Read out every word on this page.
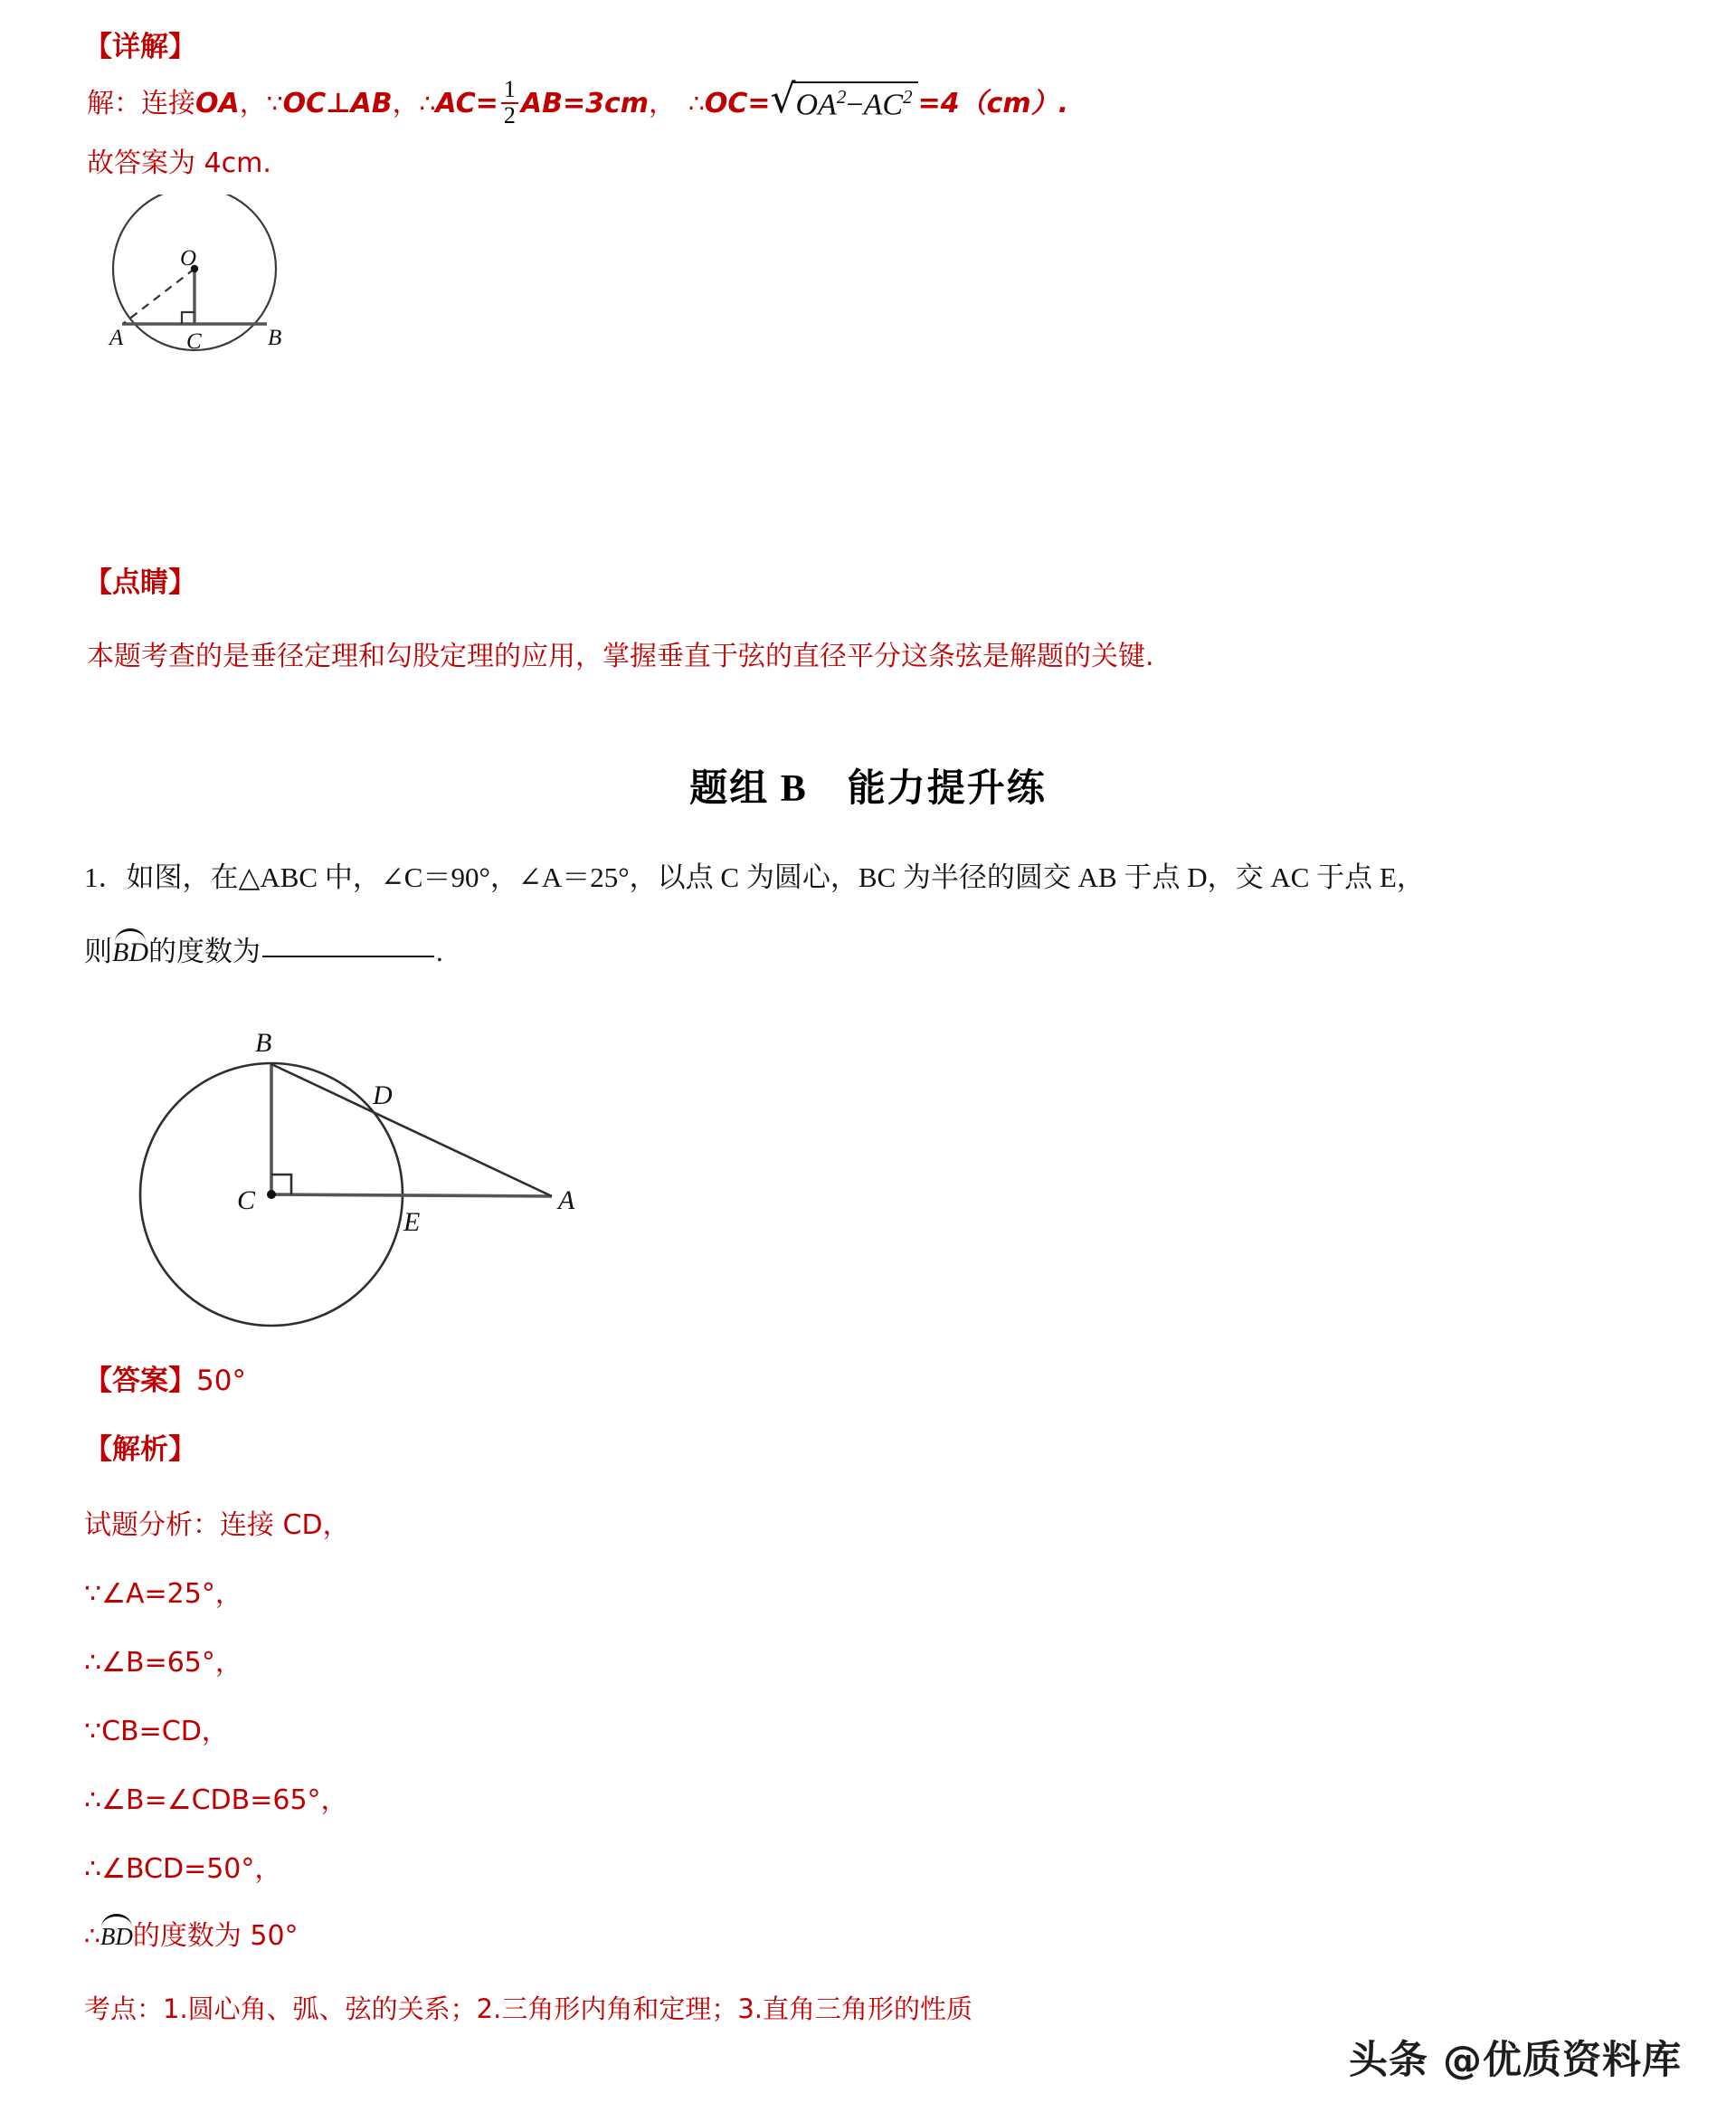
【详解】
解：连接OA，∵OC⊥AB，∴AC= $\frac{1}{2} AB=3cm$， ∴OC= √ $OA^2-AC^2 =4(cm)$.
故答案为 4cm.
O
A	C	B
【点睛】
本题考查的是垂径定理和勾股定理的应用，掌握垂直于弦的直径平分这条弦是解题的关键.
题组 B　能力提升练
1．如图，在△ABC 中，∠C＝90°，∠A＝25°，以点 C 为圆心，BC 为半径的圆交 AB 于点 D，交 AC 于点 E，
则
BD的度数为	.
B
D
C
E
A
【答案】50°
【解析】
试题分析：连接 CD，
∵∠A=25°，
∴∠B=65°，
∵CB=CD，
∴∠B=∠CDB=65°，
∴∠BCD=50°，
∴
BD的度数为 50°
考点：1.圆心角、弧、弦的关系；2.三角形内角和定理；3.直角三角形的性质
头条 @优质资料库
